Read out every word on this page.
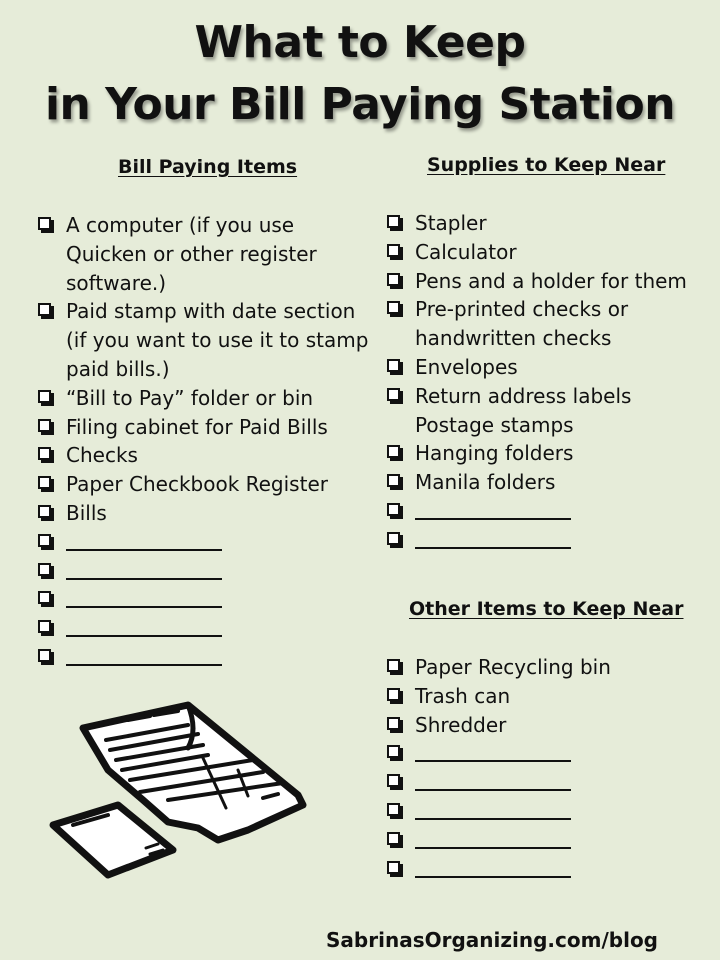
What to Keep
in Your Bill Paying Station
Bill Paying Items
A computer (if you use
Quicken or other register
software.)
Paid stamp with date section
(if you want to use it to stamp
paid bills.)
“Bill to Pay” folder or bin
Filing cabinet for Paid Bills
Checks
Paper Checkbook Register
Bills
Supplies to Keep Near
Stapler
Calculator
Pens and a holder for them
Pre-printed checks or
handwritten checks
Envelopes
Return address labels
Postage stamps
Hanging folders
Manila folders
Other Items to Keep Near
Paper Recycling bin
Trash can
Shredder
SabrinasOrganizing.com/blog
